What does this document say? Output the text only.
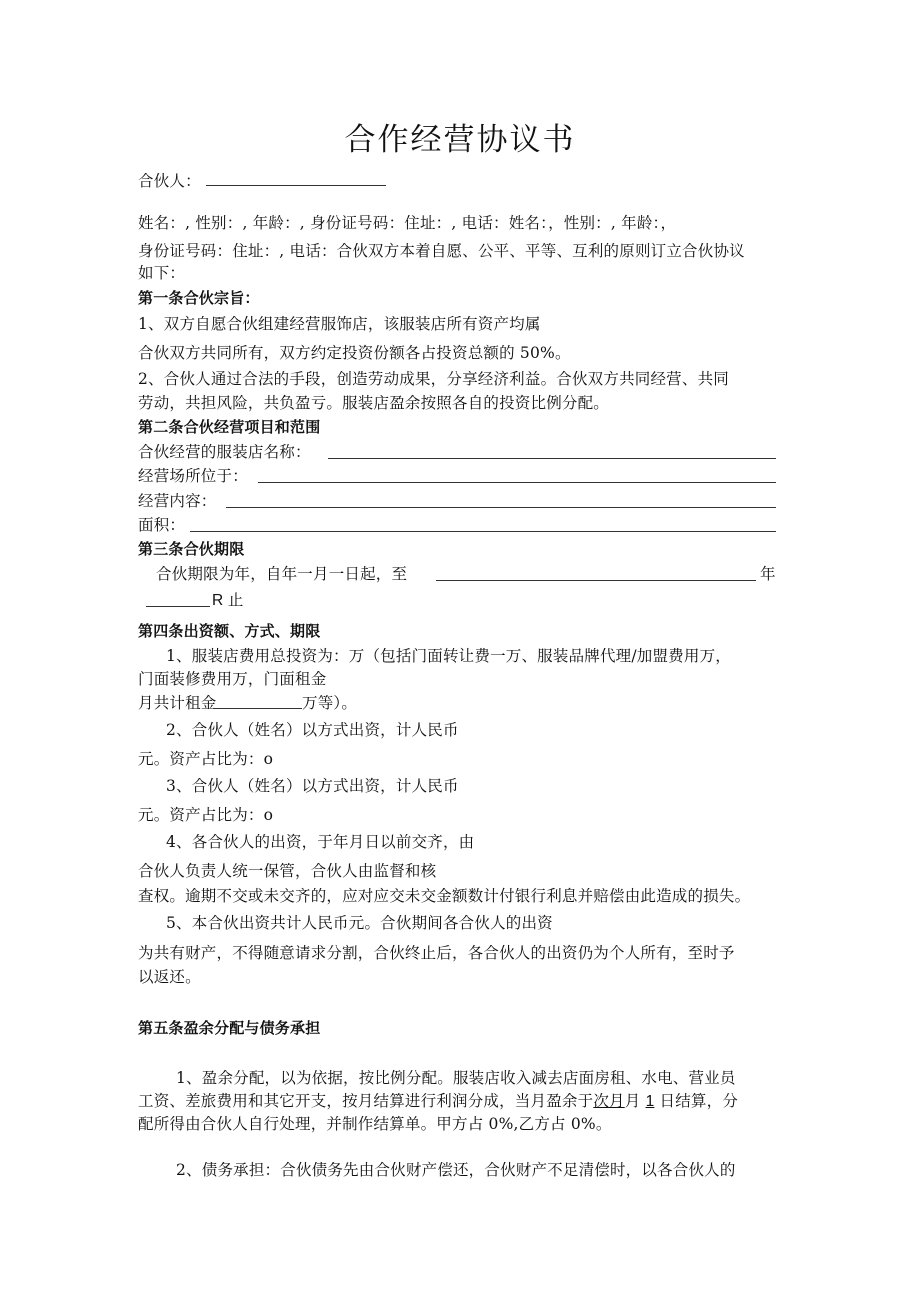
合作经营协议书
合伙人：
姓名：, 性别：, 年龄：, 身份证号码：住址：, 电话：姓名：，性别：, 年龄：，
身份证号码：住址：, 电话：合伙双方本着自愿、公平、平等、互利的原则订立合伙协议
如下：
第一条合伙宗旨：
1、双方自愿合伙组建经营服饰店，该服装店所有资产均属
合伙双方共同所有，双方约定投资份额各占投资总额的 50%。
2、合伙人通过合法的手段，创造劳动成果，分享经济利益。合伙双方共同经营、共同
劳动，共担风险，共负盈亏。服装店盈余按照各自的投资比例分配。
第二条合伙经营项目和范围
合伙经营的服装店名称：
经营场所位于：
经营内容：
面积：
第三条合伙期限
合伙期限为年，自年一月一日起，至	年
R 止
第四条出资额、方式、期限
1、服装店费用总投资为：万（包括门面转让费一万、服装品牌代理/加盟费用万，
门面装修费用万，门面租金
月共计租金	万等）。
2、合伙人（姓名）以方式出资，计人民币
元。资产占比为：o
3、合伙人（姓名）以方式出资，计人民币
元。资产占比为：o
4、各合伙人的出资，于年月日以前交齐，由
合伙人负责人统一保管，合伙人由监督和核
查权。逾期不交或未交齐的，应对应交未交金额数计付银行利息并赔偿由此造成的损失。
5、本合伙出资共计人民币元。合伙期间各合伙人的出资
为共有财产，不得随意请求分割，合伙终止后，各合伙人的出资仍为个人所有，至时予
以返还。
第五条盈余分配与债务承担
1、盈余分配，以为依据，按比例分配。服装店收入减去店面房租、水电、营业员
工资、差旅费用和其它开支，按月结算进行利润分成，当月盈余于次月月 1 日结算，分
配所得由合伙人自行处理，并制作结算单。甲方占 0%,乙方占 0%。
2、债务承担：合伙债务先由合伙财产偿还，合伙财产不足清偿时，以各合伙人的
